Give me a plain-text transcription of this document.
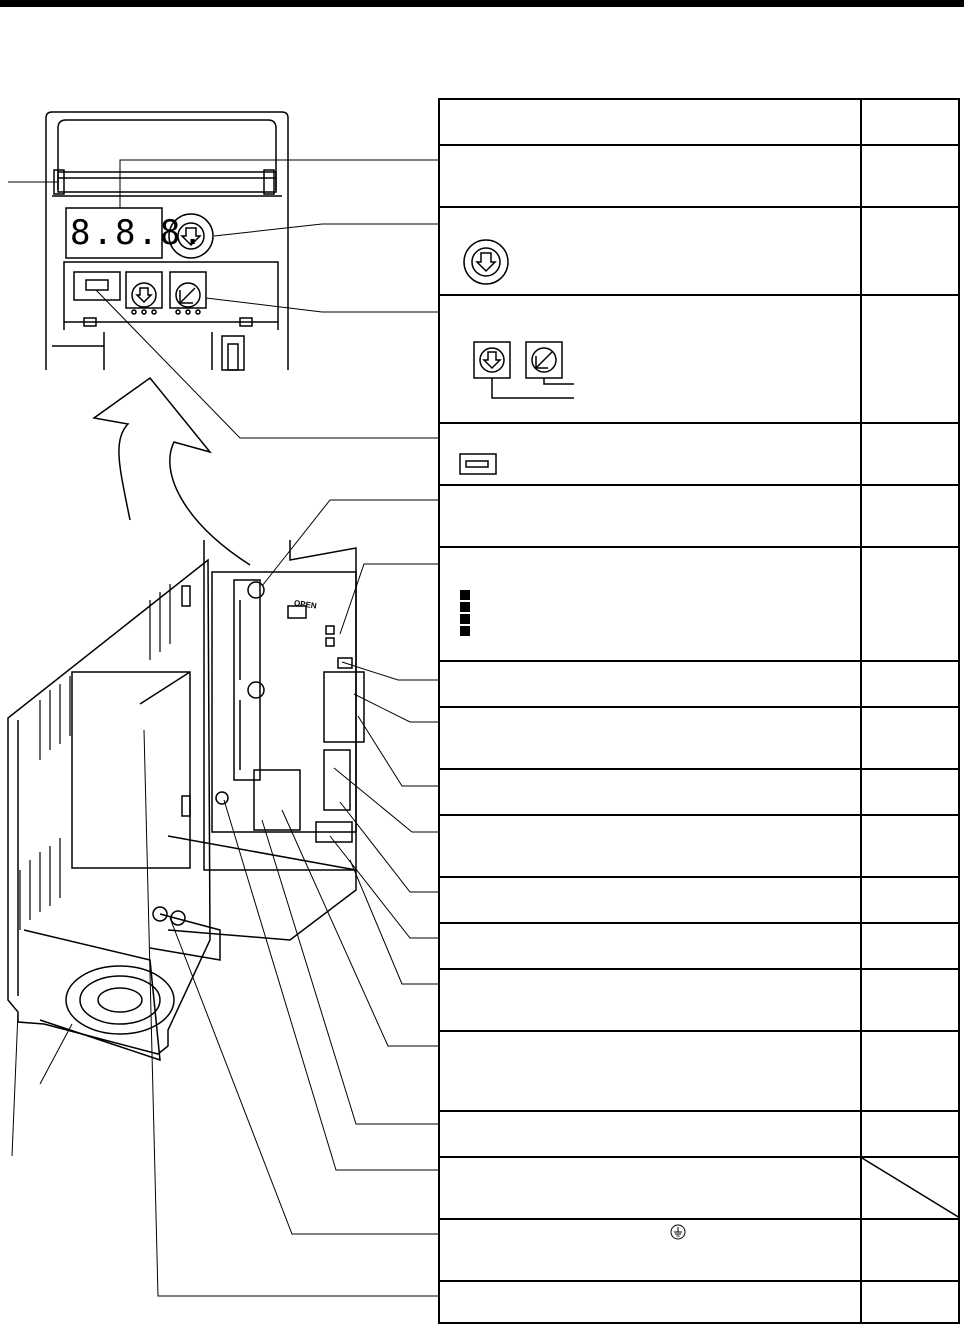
8.8.8.
OPEN
